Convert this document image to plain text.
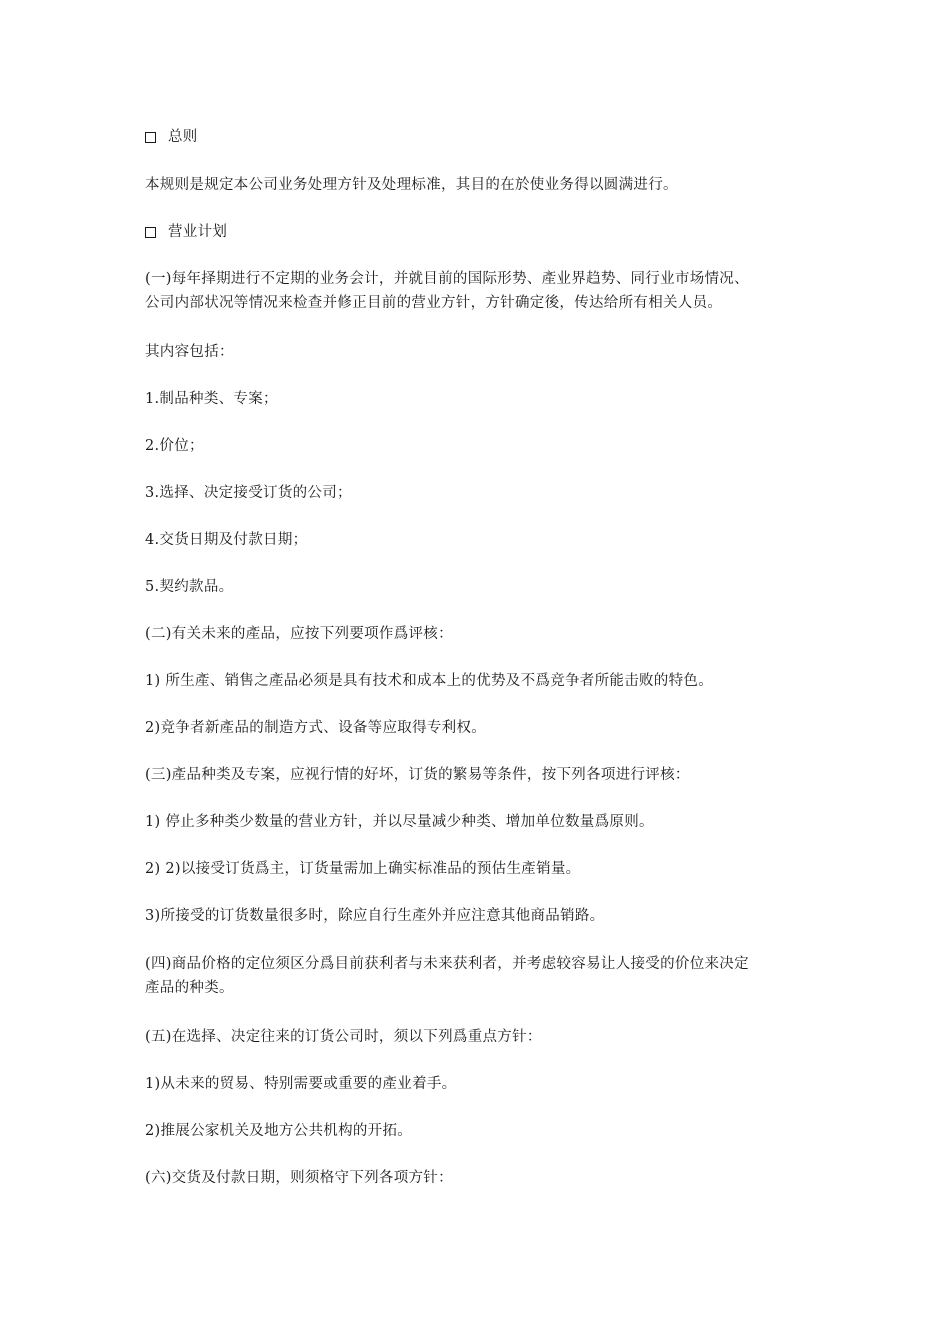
总则
本规则是规定本公司业务处理方针及处理标准，其目的在於使业务得以圆满进行。
营业计划
(一)每年择期进行不定期的业务会计，并就目前的国际形势、產业界趋势、同行业市场情况、
公司内部状况等情况来检查并修正目前的营业方针，方针确定後，传达给所有相关人员。
其内容包括：
1.制品种类、专案；
2.价位；
3.选择、决定接受订货的公司；
4.交货日期及付款日期；
5.契约款品。
(二)有关未来的產品，应按下列要项作爲评核：
1) 所生產、销售之產品必须是具有技术和成本上的优势及不爲竞争者所能击败的特色。
2)竞争者新產品的制造方式、设备等应取得专利权。
(三)產品种类及专案，应视行情的好坏，订货的繁易等条件，按下列各项进行评核：
1) 停止多种类少数量的营业方针，并以尽量减少种类、增加单位数量爲原则。
2) 2)以接受订货爲主，订货量需加上确实标准品的预估生產销量。
3)所接受的订货数量很多时，除应自行生產外并应注意其他商品销路。
(四)商品价格的定位须区分爲目前获利者与未来获利者，并考虑较容易让人接受的价位来决定
產品的种类。
(五)在选择、决定往来的订货公司时，须以下列爲重点方针：
1)从未来的贸易、特别需要或重要的產业着手。
2)推展公家机关及地方公共机构的开拓。
(六)交货及付款日期，则须格守下列各项方针：
